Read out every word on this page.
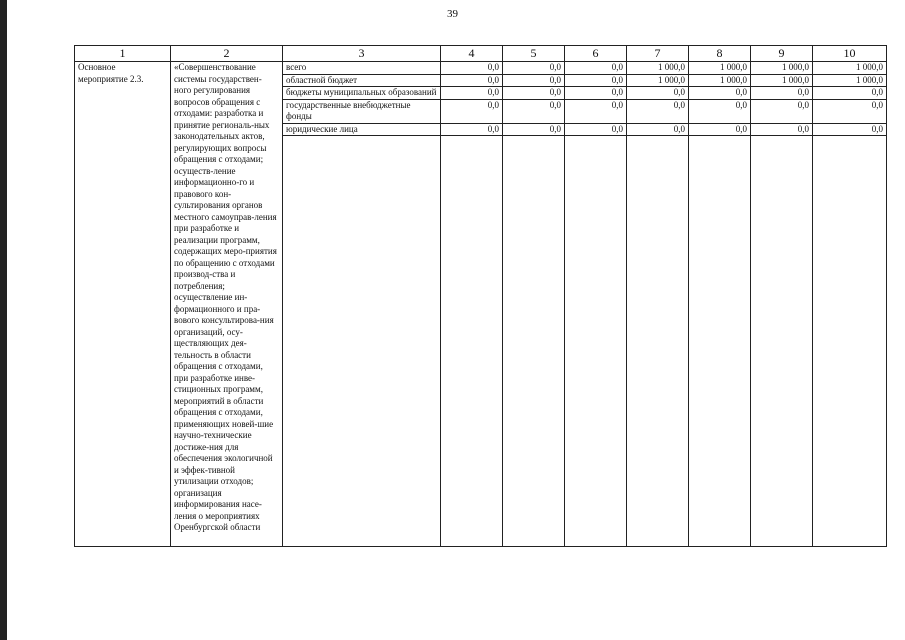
39
1	2	3	4	5	6	7	8	9	10
Основное мероприятие 2.3.	«Совершенствование системы государствен-ного регулирования вопросов обращения с отходами: разработка и принятие региональ-ных законодательных актов, регулирующих вопросы обращения с отходами; осуществ-ление информационно-го и правового кон-сультирования органов местного самоуправ-ления при разработке и реализации программ, содержащих меро-приятия по обращению с отходами производ-ства и потребления; осуществление ин-формационного и пра-вового консультирова-ния организаций, осу-ществляющих дея-тельность в области обращения с отходами, при разработке инве-стиционных программ, мероприятий в области обращения с отходами, применяющих новей-шие научно-технические достиже-ния для обеспечения экологичной и эффек-тивной утилизации отходов; организация информирования насе-ления о мероприятиях Оренбургской области	всего	0,0	0,0	0,0	1 000,0	1 000,0	1 000,0	1 000,0
		областной бюджет	0,0	0,0	0,0	1 000,0	1 000,0	1 000,0	1 000,0
		бюджеты муниципальных образований	0,0	0,0	0,0	0,0	0,0	0,0	0,0
		государственные внебюджетные фонды	0,0	0,0	0,0	0,0	0,0	0,0	0,0
		юридические лица	0,0	0,0	0,0	0,0	0,0	0,0	0,0
